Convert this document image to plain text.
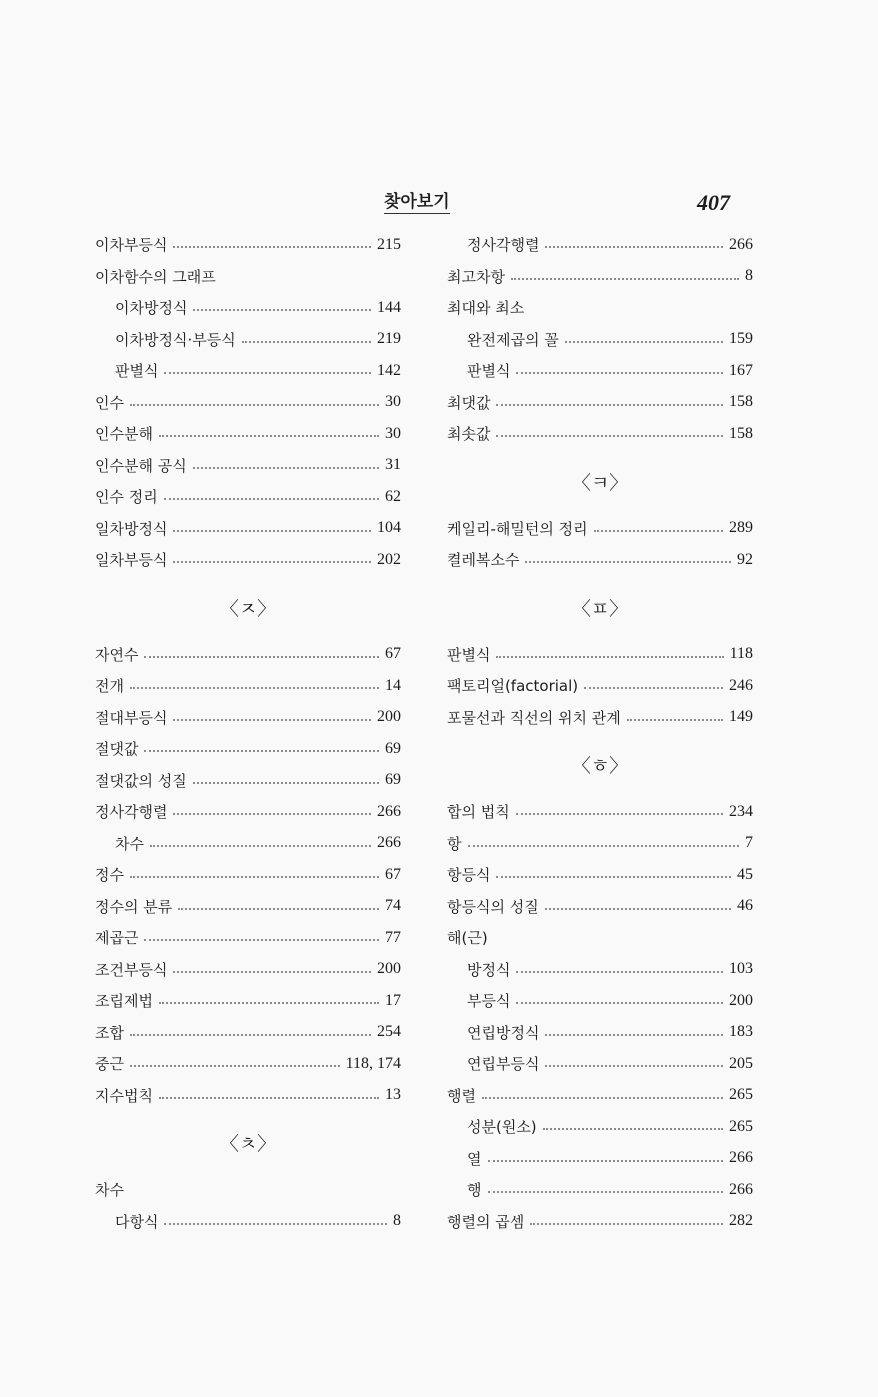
찾아보기	407
이차부등식	215
이차함수의 그래프
이차방정식	144
이차방정식·부등식	219
판별식	142
인수	30
인수분해	30
인수분해 공식	31
인수 정리	62
일차방정식	104
일차부등식	202
〈ㅈ〉
자연수	67
전개	14
절대부등식	200
절댓값	69
절댓값의 성질	69
정사각행렬	266
차수	266
정수	67
정수의 분류	74
제곱근	77
조건부등식	200
조립제법	17
조합	254
중근	118, 174
지수법칙	13
〈ㅊ〉
차수
다항식	8
정사각행렬	266
최고차항	8
최대와 최소
완전제곱의 꼴	159
판별식	167
최댓값	158
최솟값	158
〈ㅋ〉
케일리-해밀턴의 정리	289
켤레복소수	92
〈ㅍ〉
판별식	118
팩토리얼(factorial)	246
포물선과 직선의 위치 관계	149
〈ㅎ〉
합의 법칙	234
항	7
항등식	45
항등식의 성질	46
해(근)
방정식	103
부등식	200
연립방정식	183
연립부등식	205
행렬	265
성분(원소)	265
열	266
행	266
행렬의 곱셈	282
